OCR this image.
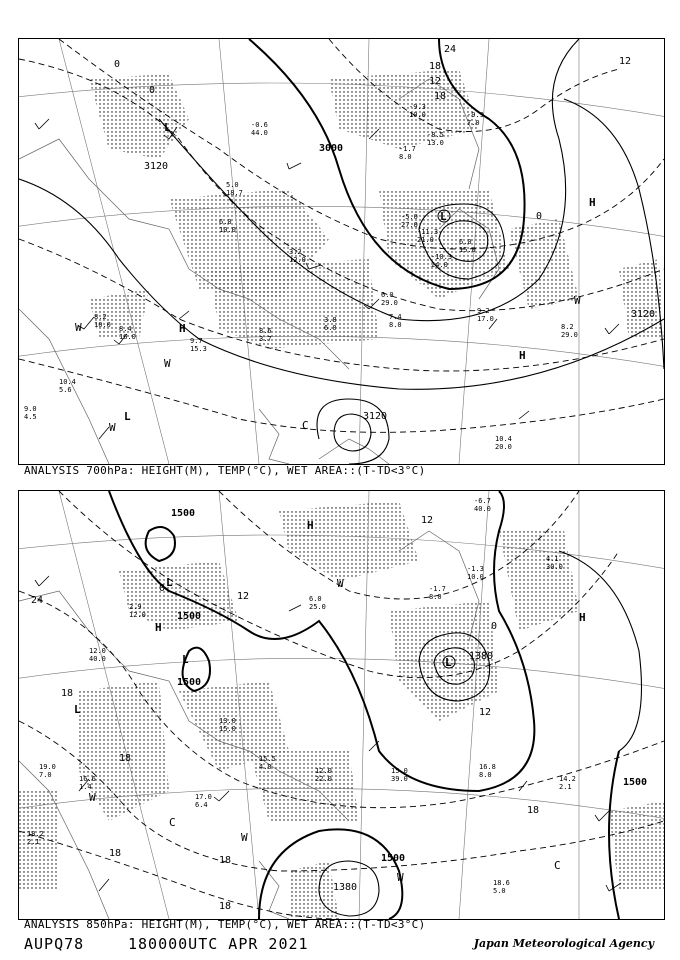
3000
3120
3120
3120
0
0
0
12
12
24
18
18
L
L
L
H
H
H
W
W
W
W
C
-9.3
10.0
-8.5
13.0
-1.7
8.0
3.8
6.0
6.0
29.0
7.4
8.0
9.2
17.0
8.2
29.0
9.7
15.3
8.6
3.7
8.4
16.0
8.2
10.0
10.4
5.6
9.0
4.5
10.4
20.0
-0.6
44.0
5.0
18.7
-11.3
21.0
-10.3
24.0
-5.0
27.0
6.0
15.0
6.0
10.0
3.2
12.0
-9.9
7.0
ANALYSIS 700hPa: HEIGHT(M), TEMP(°C), WET AREA::(T-TD<3°C)
1500
1500
1500
1500
1500
1380
1380
24
18
18
18
18
18
18
12
12
12
0
0 L
L	L
L
H
H
H
W
W
W
W
C
C
-6.7
40.0
-1.7
8.0
-1.3
10.0
16.8
8.0	14.2
2.1
18.6
5.0
15.0
39.0
12.0
22.0
6.0
25.0
15.5
4.0
17.0
6.4
12.0
40.0
19.0
7.0	16.6
1.4
18.2
2.1
13.0
15.0
4.1
30.0
2.9
12.0
ANALYSIS 850hPa: HEIGHT(M), TEMP(°C), WET AREA::(T-TD<3°C)
AUPQ78	180000UTC APR 2021	Japan Meteorological Agency
